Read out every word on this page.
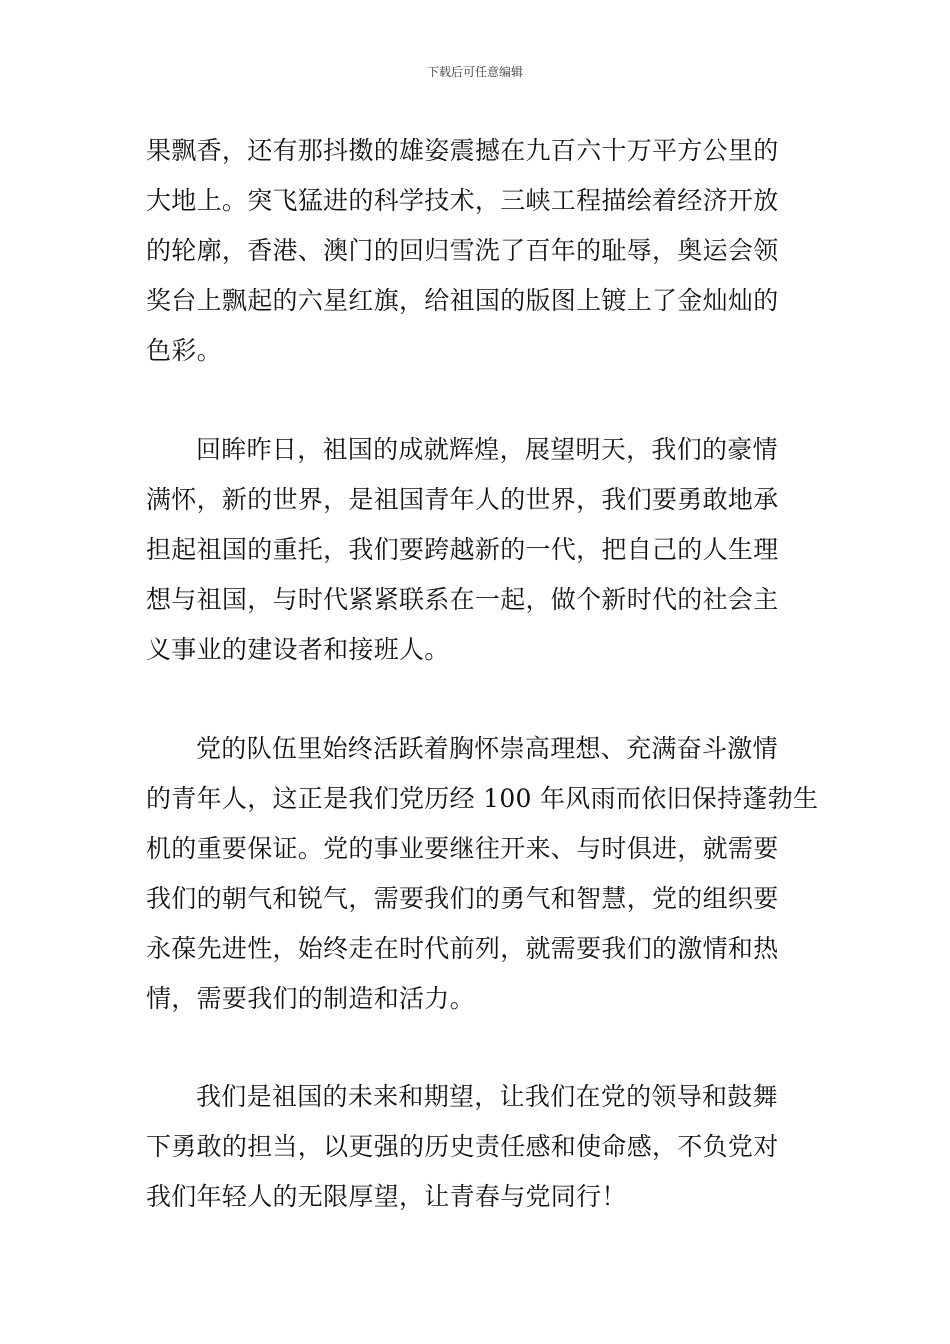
下载后可任意编辑
果飘香，还有那抖擞的雄姿震撼在九百六十万平方公里的
大地上。突飞猛进的科学技术，三峡工程描绘着经济开放
的轮廓，香港、澳门的回归雪洗了百年的耻辱，奥运会领
奖台上飘起的六星红旗，给祖国的版图上镀上了金灿灿的
色彩。
回眸昨日，祖国的成就辉煌，展望明天，我们的豪情
满怀，新的世界，是祖国青年人的世界，我们要勇敢地承
担起祖国的重托，我们要跨越新的一代，把自己的人生理
想与祖国，与时代紧紧联系在一起，做个新时代的社会主
义事业的建设者和接班人。
党的队伍里始终活跃着胸怀崇高理想、充满奋斗激情
的青年人，这正是我们党历经 100 年风雨而依旧保持蓬勃生
机的重要保证。党的事业要继往开来、与时俱进，就需要
我们的朝气和锐气，需要我们的勇气和智慧，党的组织要
永葆先进性，始终走在时代前列，就需要我们的激情和热
情，需要我们的制造和活力。
我们是祖国的未来和期望，让我们在党的领导和鼓舞
下勇敢的担当，以更强的历史责任感和使命感，不负党对
我们年轻人的无限厚望，让青春与党同行！
